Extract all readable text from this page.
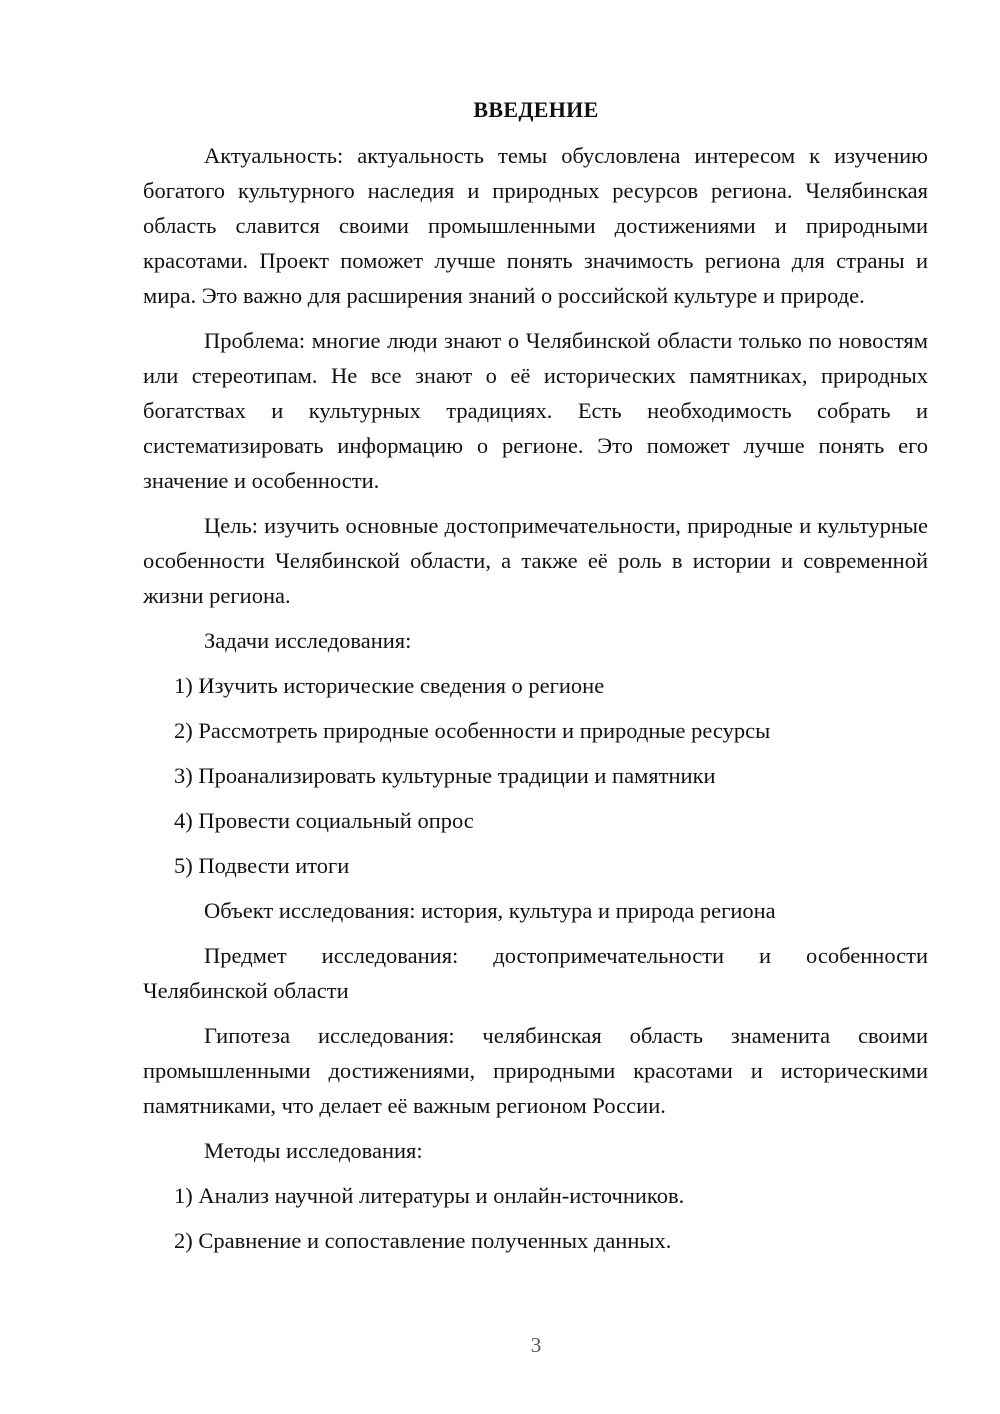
ВВЕДЕНИЕ

Актуальность: актуальность темы обусловлена интересом к изучению богатого культурного наследия и природных ресурсов региона. Челябинская область славится своими промышленными достижениями и природными красотами. Проект поможет лучше понять значимость региона для страны и мира. Это важно для расширения знаний о российской культуре и природе.

Проблема: многие люди знают о Челябинской области только по новостям или стереотипам. Не все знают о её исторических памятниках, природных богатствах и культурных традициях. Есть необходимость собрать и систематизировать информацию о регионе. Это поможет лучше понять его значение и особенности.

Цель: изучить основные достопримечательности, природные и культурные особенности Челябинской области, а также её роль в истории и современной жизни региона.

Задачи исследования:

1) Изучить исторические сведения о регионе

2) Рассмотреть природные особенности и природные ресурсы

3) Проанализировать культурные традиции и памятники

4) Провести социальный опрос

5) Подвести итоги

Объект исследования: история, культура и природа региона

Предмет исследования: достопримечательности и особенности Челябинской области

Гипотеза исследования: челябинская область знаменита своими промышленными достижениями, природными красотами и историческими памятниками, что делает её важным регионом России.

Методы исследования:

1) Анализ научной литературы и онлайн-источников.

2) Сравнение и сопоставление полученных данных.

3
